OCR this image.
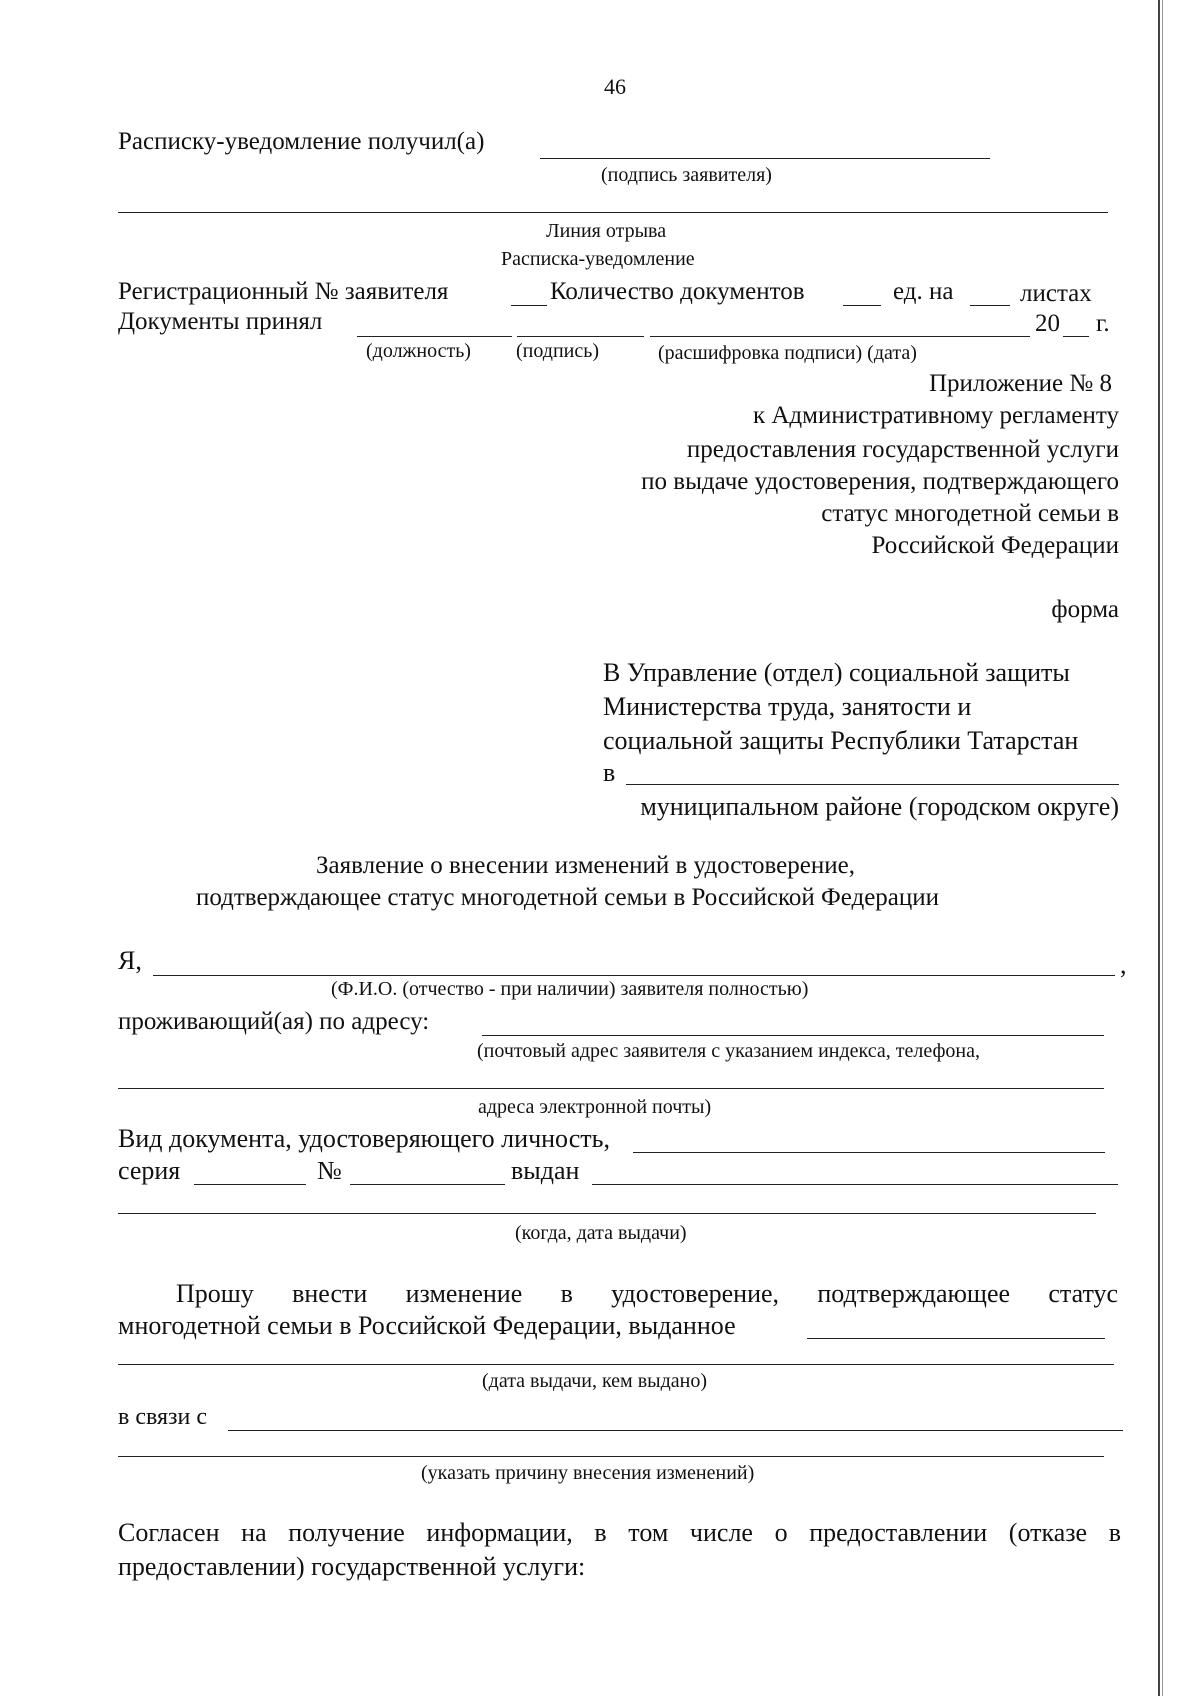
46
Расписку-уведомление получил(а)
(подпись заявителя)
Линия отрыва
Расписка-уведомление
Регистрационный № заявителя	Количество документов	ед. на	листах
Документы принял	20 г.
(должность) (подпись)	(расшифровка подписи) (дата)
Приложение № 8
к Административному регламенту
предоставления государственной услуги
по выдаче удостоверения, подтверждающего
статус многодетной семьи в
Российской Федерации
форма
В Управление (отдел) социальной защиты
Министерства труда, занятости и
социальной защиты Республики Татарстан
в
муниципальном районе (городском округе)
Заявление о внесении изменений в удостоверение,
подтверждающее статус многодетной семьи в Российской Федерации
Я,	,
(Ф.И.О. (отчество - при наличии) заявителя полностью)
проживающий(ая) по адресу:
(почтовый адрес заявителя с указанием индекса, телефона,
адреса электронной почты)
Вид документа, удостоверяющего личность,
серия	№	выдан
(когда, дата выдачи)
Прошу внести изменение в удостоверение, подтверждающее статус
многодетной семьи в Российской Федерации, выданное
(дата выдачи, кем выдано)
в связи с
(указать причину внесения изменений)
Согласен на получение информации, в том числе о предоставлении (отказе в
предоставлении) государственной услуги:
